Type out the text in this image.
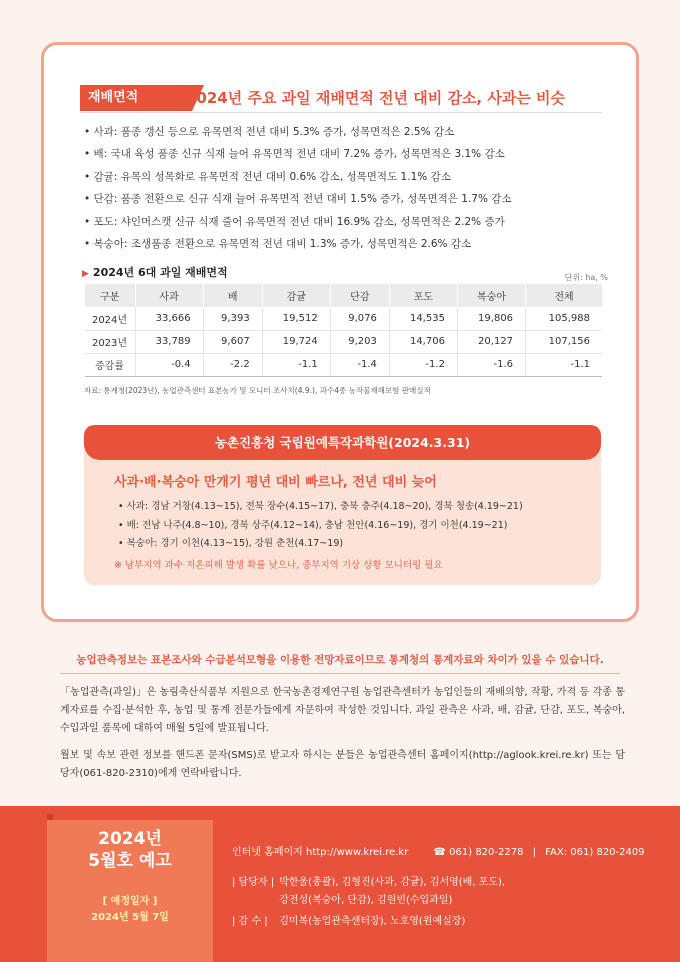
재배면적	2024년 주요 과일 재배면적 전년 대비 감소, 사과는 비슷
• 사과: 품종 갱신 등으로 유목면적 전년 대비 5.3% 증가, 성목면적은 2.5% 감소
• 배: 국내 육성 품종 신규 식재 늘어 유목면적 전년 대비 7.2% 증가, 성목면적은 3.1% 감소
• 감귤: 유목의 성목화로 유목면적 전년 대비 0.6% 감소, 성목면적도 1.1% 감소
• 단감: 품종 전환으로 신규 식재 늘어 유목면적 전년 대비 1.5% 증가, 성목면적은 1.7% 감소
• 포도: 샤인머스캣 신규 식재 줄어 유목면적 전년 대비 16.9% 감소, 성목면적은 2.2% 증가
• 복숭아: 조생품종 전환으로 유목면적 전년 대비 1.3% 증가, 성목면적은 2.6% 감소
▶ 2024년 6대 과일 재배면적	단위: ha, %
구분	사과	배	감귤	단감	포도	복숭아	전체
2024년	33,666	9,393	19,512	9,076	14,535	19,806	105,988
2023년	33,789	9,607	19,724	9,203	14,706	20,127	107,156
증감률	-0.4	-2.2	-1.1	-1.4	-1.2	-1.6	-1.1
자료: 통계청(2023년), 농업관측센터 표본농가 및 모니터 조사치(4.9.), 과수4종 농작물재해보험 판매실적
농촌진흥청 국립원예특작과학원(2024.3.31)
사과·배·복숭아 만개기 평년 대비 빠르나, 전년 대비 늦어
• 사과: 경남 거창(4.13~15), 전북 장수(4.15~17), 충북 충주(4.18~20), 경북 청송(4.19~21)
• 배: 전남 나주(4.8~10), 경북 상주(4.12~14), 충남 천안(4.16~19), 경기 이천(4.19~21)
• 복숭아: 경기 이천(4.13~15), 강원 춘천(4.17~19)
※ 남부지역 과수 저온피해 발생 확률 낮으나, 중부지역 기상 상황 모니터링 필요
농업관측정보는 표본조사와 수급분석모형을 이용한 전망자료이므로 통계청의 통계자료와 차이가 있을 수 있습니다.

「농업관측(과일)」은 농림축산식품부 지원으로 한국농촌경제연구원 농업관측센터가 농업인들의 재배의향, 작황, 가격 등 각종 통계자료를 수집·분석한 후, 농업 및 통계 전문가들에게 자문하여 작성한 것입니다. 과일 관측은 사과, 배, 감귤, 단감, 포도, 복숭아, 수입과일 품목에 대하여 매월 5일에 발표됩니다.

월보 및 속보 관련 정보를 핸드폰 문자(SMS)로 받고자 하시는 분들은 농업관측센터 홈페이지(http://aglook.krei.re.kr) 또는 담당자(061-820-2310)에게 연락바랍니다.

2024년
5월호 예고
[ 예정일자 ]
2024년 5월 7일
인터넷 홈페이지 http://www.krei.re.kr	☎ 061) 820-2278 | FAX: 061) 820-2409
| 담당자 | 박한울(총괄), 김형진(사과, 감귤), 김서영(배, 포도),
강전성(복숭아, 단감), 김원빈(수입과일)
| 감 수 | 김미복(농업관측센터장), 노호영(원예실장)
